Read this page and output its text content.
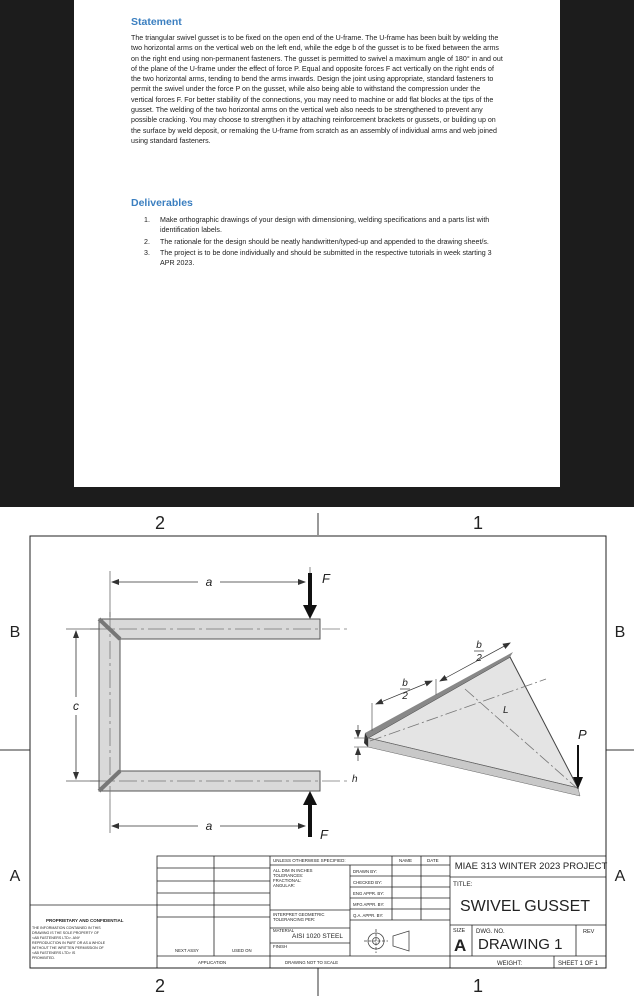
Statement
The triangular swivel gusset is to be fixed on the open end of the U-frame. The U-frame has been built by welding the two horizontal arms on the vertical web on the left end, while the edge b of the gusset is to be fixed between the arms on the right end using non-permanent fasteners. The gusset is permitted to swivel a maximum angle of 180° in and out of the plane of the U-frame under the effect of force P. Equal and opposite forces F act vertically on the right ends of the two horizontal arms, tending to bend the arms inwards. Design the joint using appropriate, standard fasteners to permit the swivel under the force P on the gusset, while also being able to withstand the compression under the vertical forces F. For better stability of the connections, you may need to machine or add flat blocks at the tips of the gusset. The welding of the two horizontal arms on the vertical web also needs to be strengthened to prevent any possible cracking. You may choose to strengthen it by attaching reinforcement brackets or gussets, or building up on the surface by weld deposit, or remaking the U-frame from scratch as an assembly of individual arms and web joined using standard fasteners.
Deliverables
1. Make orthographic drawings of your design with dimensioning, welding specifications and a parts list with identification labels.
2. The rationale for the design should be neatly handwritten/typed-up and appended to the drawing sheet/s.
3. The project is to be done individually and should be submitted in the respective tutorials in week starting 3 APR 2023.
2	1
2	1
B	B
A	A
a
a
c
F
F
b
2
b
2
L
h
P
UNLESS OTHERWISE SPECIFIED:
ALL DIM IN INCHES
TOLERANCES:
FRACTIONAL:
ANGULAR:
NAME	DATE
DRAWN BY:
CHECKED BY:
ENG APPR. BY:
MFG APPR. BY:
Q.A. APPR. BY:
INTERPRET GEOMETRIC
TOLERANCING PER:
MATERIAL
AISI 1020 STEEL
FINISH
NEXT ASSY	USED ON
APPLICATION	DRAWING NOT TO SCALE
PROPRIETARY AND CONFIDENTIAL
THE INFORMATION CONTAINED IN THIS
DRAWING IS THE SOLE PROPERTY OF
<AB FASTENERS LTD>. ANY
REPRODUCTION IN PART OR AS A WHOLE
WITHOUT THE WRITTEN PERMISSION OF
<AB FASTENERS LTD> IS
PROHIBITED.
MIAE 313 WINTER 2023 PROJECT
TITLE:
SWIVEL GUSSET
SIZE
A
DWG. NO.
DRAWING 1
REV
WEIGHT:	SHEET 1 OF 1
